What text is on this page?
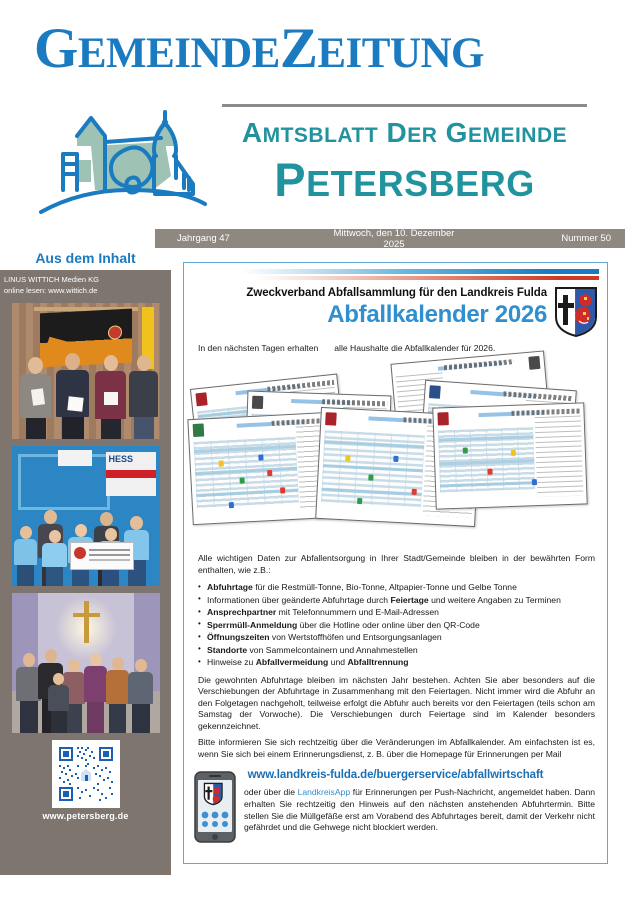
GEMEINDEZEITUNG
AMTSBLATT DER GEMEINDE
PETERSBERG
Jahrgang 47	Mittwoch, den 10. Dezember 2025	Nummer 50
Aus dem Inhalt
LINUS WITTICH Medien KG
online lesen: www.wittich.de
HESS
www.petersberg.de
Zweckverband Abfallsammlung für den Landkreis Fulda
Abfallkalender 2026
In den nächsten Tagen erhalten alle Haushalte die Abfallkalender für 2026.

Alle wichtigen Daten zur Abfallentsorgung in Ihrer Stadt/Gemeinde bleiben in der bewährten Form enthalten, wie z.B.:

• Abfuhrtage für die Restmüll-Tonne, Bio-Tonne, Altpapier-Tonne und Gelbe Tonne
• Informationen über geänderte Abfuhrtage durch Feiertage und weitere Angaben zu Terminen
• Ansprechpartner mit Telefonnummern und E-Mail-Adressen
• Sperrmüll-Anmeldung über die Hotline oder online über den QR-Code
• Öffnungszeiten von Wertstoffhöfen und Entsorgungsanlagen
• Standorte von Sammelcontainern und Annahmestellen
• Hinweise zu Abfallvermeidung und Abfalltrennung

Die gewohnten Abfuhrtage bleiben im nächsten Jahr bestehen. Achten Sie aber besonders auf die Verschiebungen der Abfuhrtage in Zusammenhang mit den Feiertagen. Nicht immer wird die Abfuhr an den Folgetagen nachgeholt, teilweise erfolgt die Abfuhr auch bereits vor den Feiertagen (teils schon am Samstag der Vorwoche). Die Verschiebungen durch Feiertage sind im Kalender besonders gekennzeichnet.

Bitte informieren Sie sich rechtzeitig über die Veränderungen im Abfallkalender. Am einfachsten ist es, wenn Sie sich bei einem Erinnerungsdienst, z. B. über die Homepage für Erinnerungen per Mail

www.landkreis-fulda.de/buergerservice/abfallwirtschaft
oder über die LandkreisApp für Erinnerungen per Push-Nachricht, angemeldet haben. Dann erhalten Sie rechtzeitig den Hinweis auf den nächsten anstehenden Abfuhrtermin. Bitte stellen Sie die Müllgefäße erst am Vorabend des Abfuhrtages bereit, damit der Verkehr nicht gefährdet und die Gehwege nicht blockiert werden.
